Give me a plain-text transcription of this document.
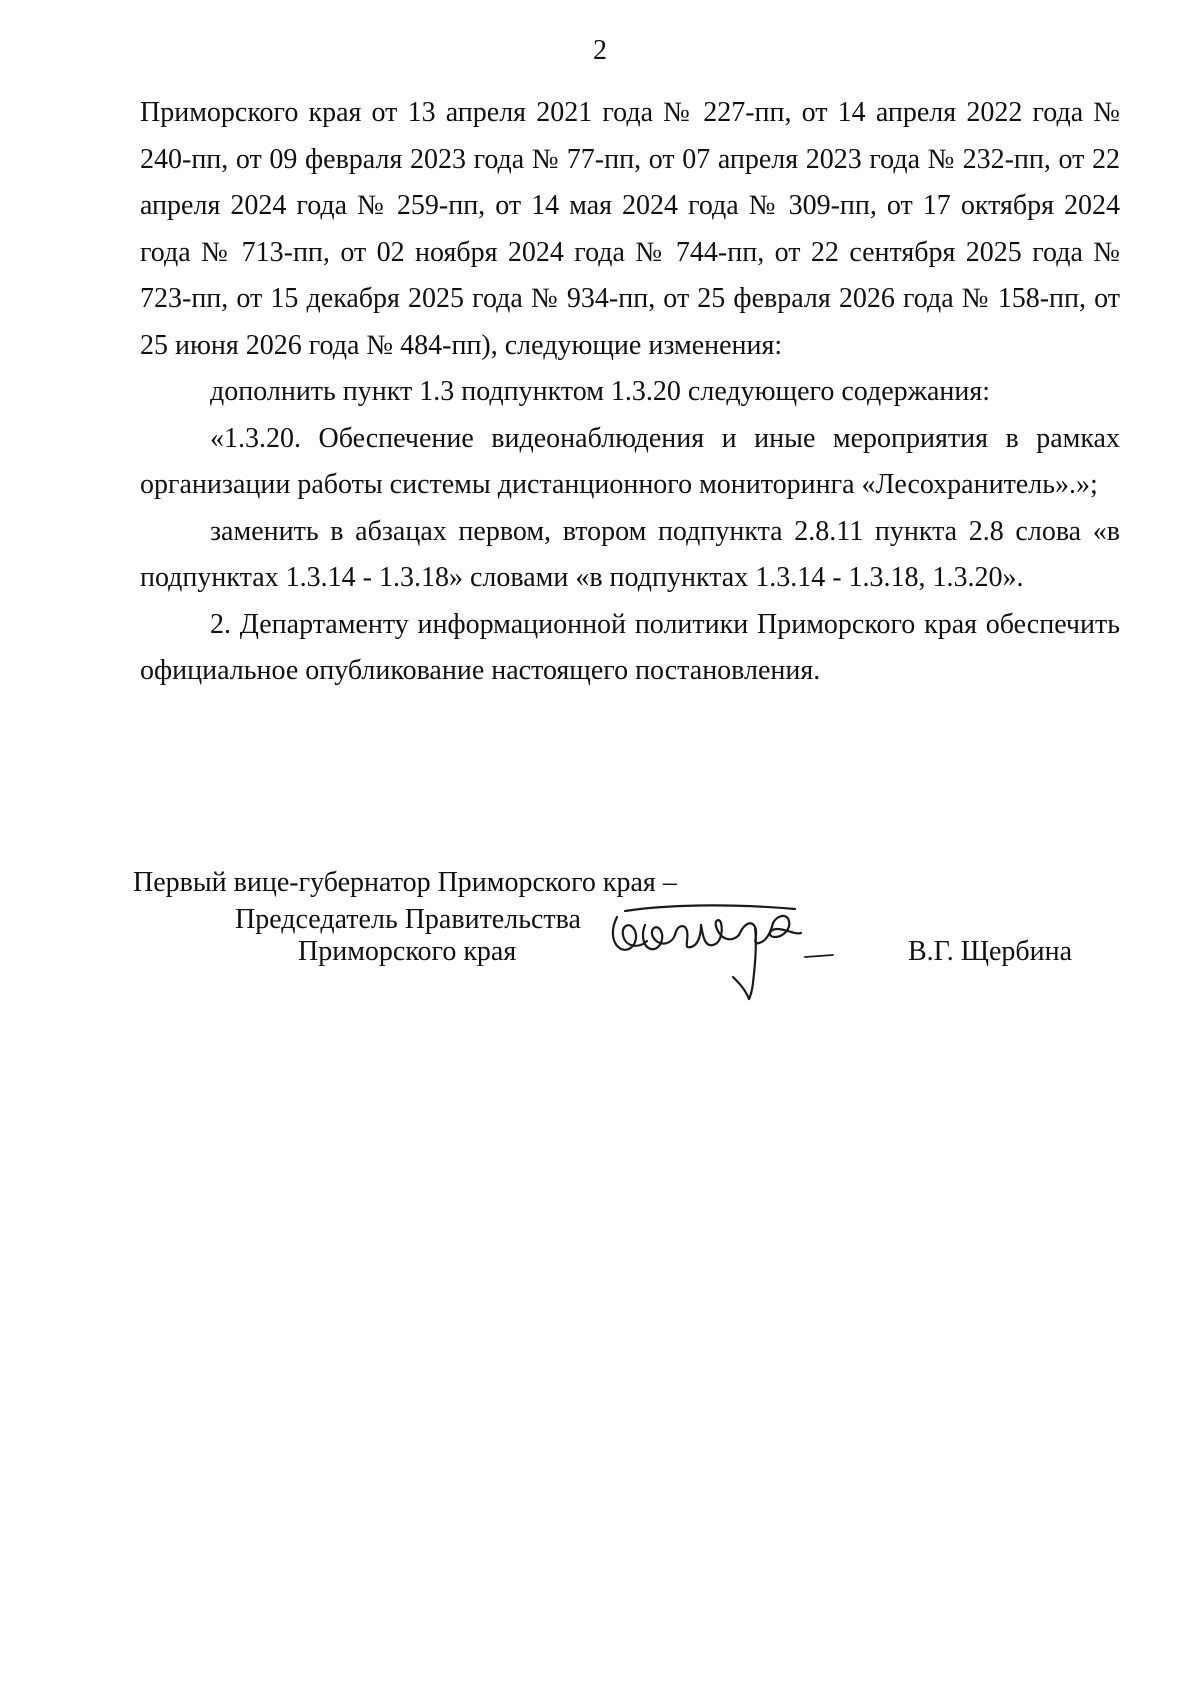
2

Приморского края от 13 апреля 2021 года № 227-пп, от 14 апреля 2022 года № 240-пп, от 09 февраля 2023 года № 77-пп, от 07 апреля 2023 года № 232-пп, от 22 апреля 2024 года № 259-пп, от 14 мая 2024 года № 309-пп, от 17 октября 2024 года № 713-пп, от 02 ноября 2024 года № 744-пп, от 22 сентября 2025 года № 723-пп, от 15 декабря 2025 года № 934-пп, от 25 февраля 2026 года № 158-пп, от 25 июня 2026 года № 484-пп), следующие изменения:

дополнить пункт 1.3 подпунктом 1.3.20 следующего содержания:

«1.3.20. Обеспечение видеонаблюдения и иные мероприятия в рамках организации работы системы дистанционного мониторинга «Лесохранитель».»;

заменить в абзацах первом, втором подпункта 2.8.11 пункта 2.8 слова «в подпунктах 1.3.14 - 1.3.18» словами «в подпунктах 1.3.14 - 1.3.18, 1.3.20».

2. Департаменту информационной политики Приморского края обеспечить официальное опубликование настоящего постановления.

Первый вице-губернатор Приморского края –
Председатель Правительства
Приморского края	В.Г. Щербина
